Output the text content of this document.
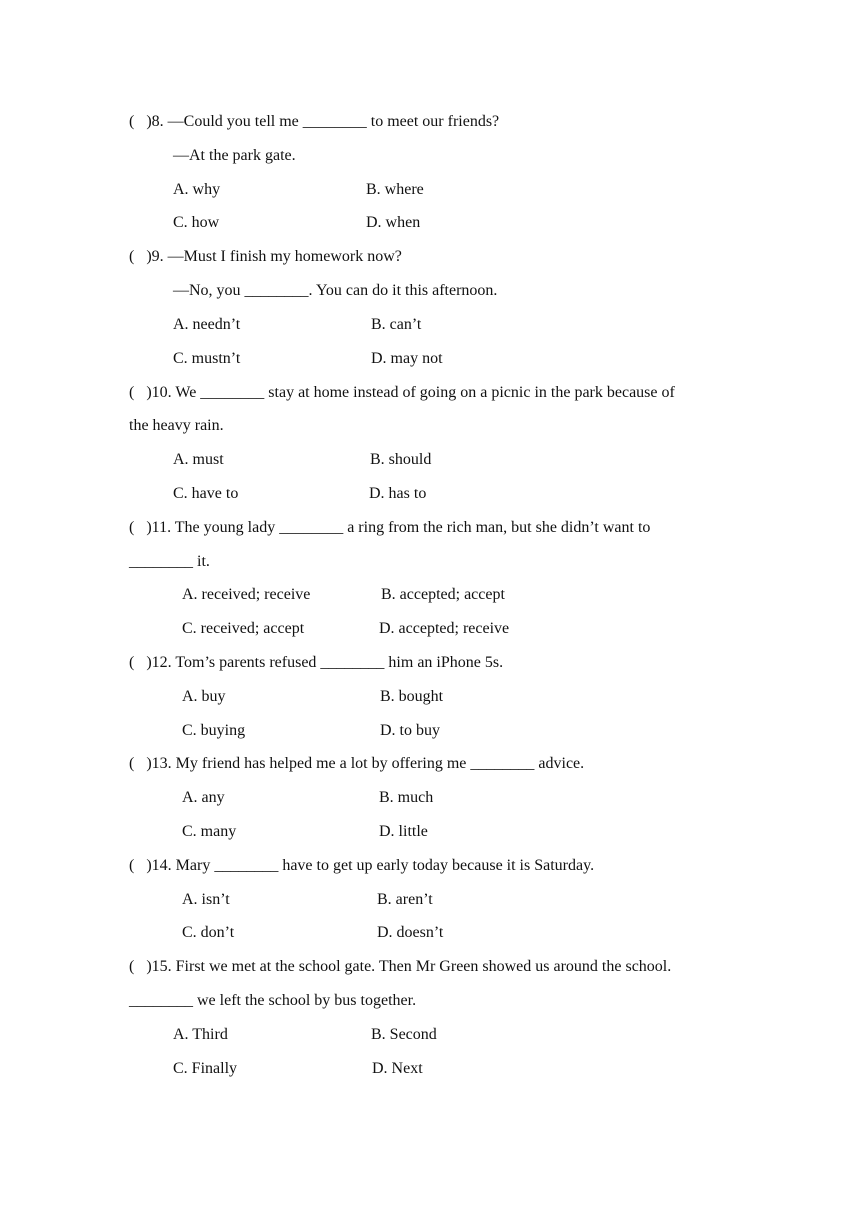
(   )8. —Could you tell me ________ to meet our friends?
—At the park gate.
A. why	B. where
C. how	D. when
(   )9. —Must I finish my homework now?
—No, you ________. You can do it this afternoon.
A. needn’t	B. can’t
C. mustn’t	D. may not
(   )10. We ________ stay at home instead of going on a picnic in the park because of
the heavy rain.
A. must	B. should
C. have to	D. has to
(   )11. The young lady ________ a ring from the rich man, but she didn’t want to
________ it.
A. received; receive	B. accepted; accept
C. received; accept	D. accepted; receive
(   )12. Tom’s parents refused ________ him an iPhone 5s.
A. buy	B. bought
C. buying	D. to buy
(   )13. My friend has helped me a lot by offering me ________ advice.
A. any	B. much
C. many	D. little
(   )14. Mary ________ have to get up early today because it is Saturday.
A. isn’t	B. aren’t
C. don’t	D. doesn’t
(   )15. First we met at the school gate. Then Mr Green showed us around the school.
________ we left the school by bus together.
A. Third	B. Second
C. Finally	D. Next
